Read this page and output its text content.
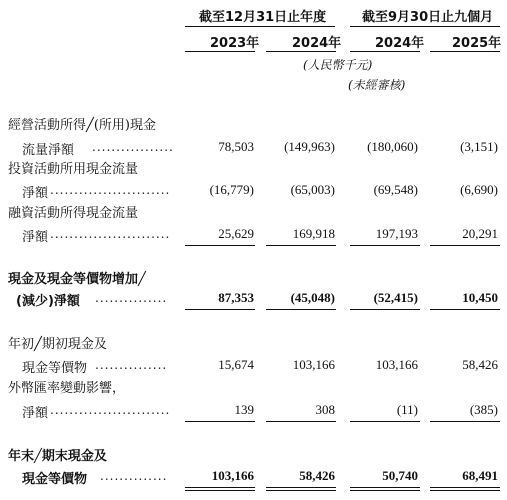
截至12月31日止年度	截至9月30日止九個月
2023年	2024年	2024年 2025年
(人民幣千元)
(未經審核)
經營活動所得╱(所用)現金
流量淨額 .................	78,503	(149,963)	(180,060)	(3,151)
投資活動所用現金流量
淨額 .........................	(16,779)	(65,003)	(69,548)	(6,690)
融資活動所得現金流量
淨額 .........................	25,629	169,918	197,193	20,291
現金及現金等價物增加╱
(減少)淨額 ...............	87,353	(45,048)	(52,415)	10,450
年初╱期初現金及
現金等價物 ...............	15,674	103,166	103,166	58,426
外幣匯率變動影響，
淨額 .........................	139	308	(11)	(385)
年末╱期末現金及
現金等價物 ..............	103,166	58,426	50,740	68,491
